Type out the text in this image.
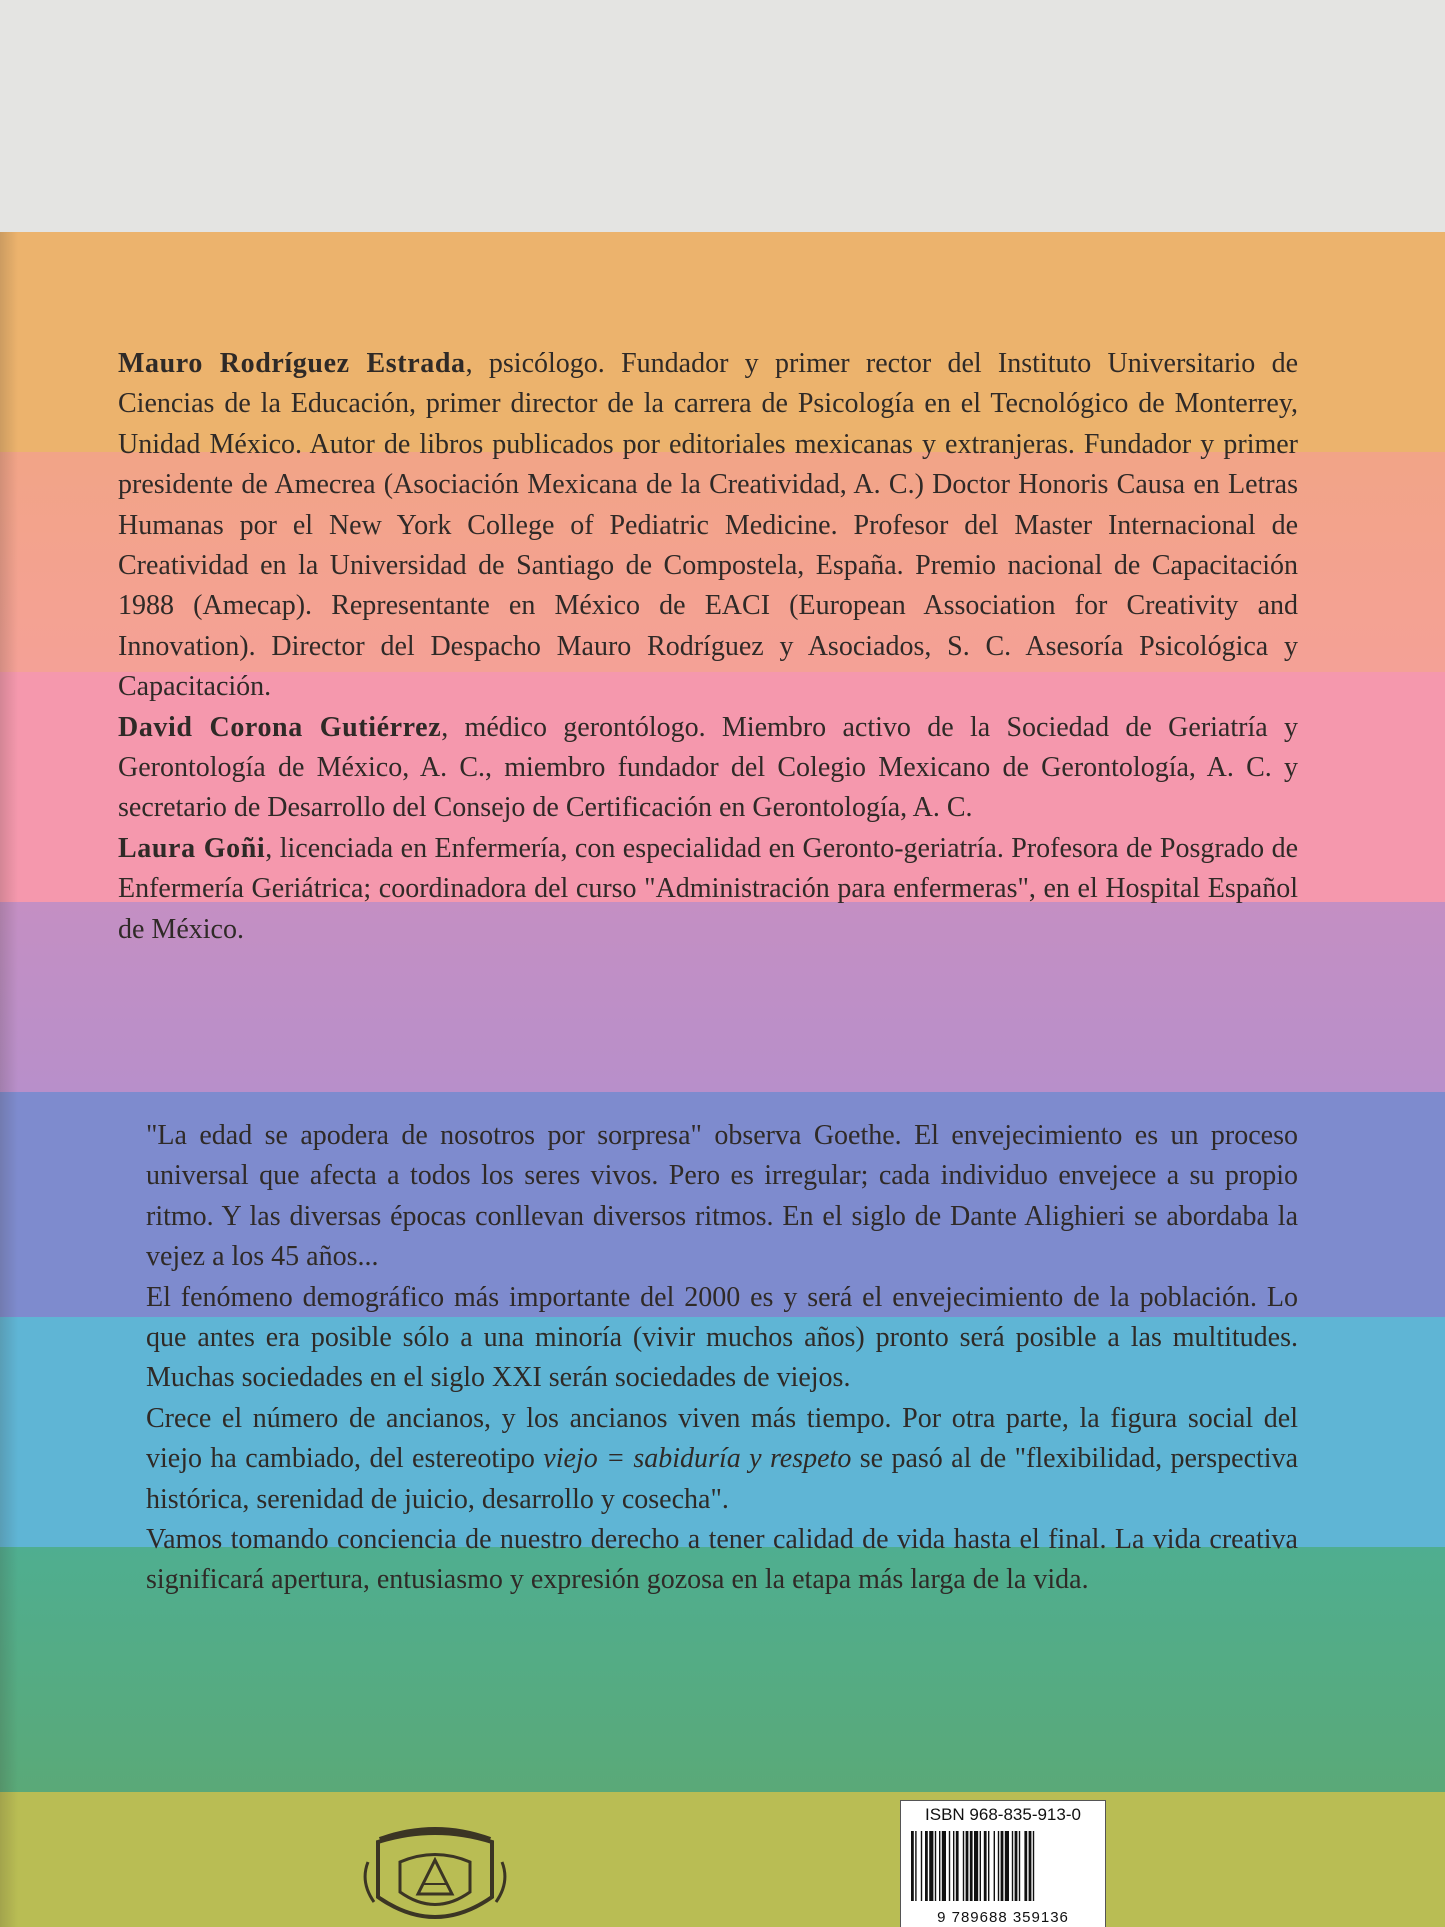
Mauro Rodríguez Estrada, psicólogo. Fundador y primer rector del Instituto Universitario de Ciencias de la Educación, primer director de la carrera de Psicología en el Tecnológico de Monterrey, Unidad México. Autor de libros publicados por editoriales mexicanas y extranjeras. Fundador y primer presidente de Amecrea (Asociación Mexicana de la Creatividad, A. C.) Doctor Honoris Causa en Letras Humanas por el New York College of Pediatric Medicine. Profesor del Master Internacional de Creatividad en la Universidad de Santiago de Compostela, España. Premio nacional de Capacitación 1988 (Amecap). Representante en México de EACI (European Association for Creativity and Innovation). Director del Despacho Mauro Rodríguez y Asociados, S. C. Asesoría Psicológica y Capacitación.

David Corona Gutiérrez, médico gerontólogo. Miembro activo de la Sociedad de Geriatría y Gerontología de México, A. C., miembro fundador del Colegio Mexicano de Gerontología, A. C. y secretario de Desarrollo del Consejo de Certificación en Gerontología, A. C.

Laura Goñi, licenciada en Enfermería, con especialidad en Geronto-geriatría. Profesora de Posgrado de Enfermería Geriátrica; coordinadora del curso "Administración para enfermeras", en el Hospital Español de México.

"La edad se apodera de nosotros por sorpresa" observa Goethe. El envejecimiento es un proceso universal que afecta a todos los seres vivos. Pero es irregular; cada individuo envejece a su propio ritmo. Y las diversas épocas conllevan diversos ritmos. En el siglo de Dante Alighieri se abordaba la vejez a los 45 años...

El fenómeno demográfico más importante del 2000 es y será el envejecimiento de la población. Lo que antes era posible sólo a una minoría (vivir muchos años) pronto será posible a las multitudes. Muchas sociedades en el siglo XXI serán sociedades de viejos.

Crece el número de ancianos, y los ancianos viven más tiempo. Por otra parte, la figura social del viejo ha cambiado, del estereotipo viejo = sabiduría y respeto se pasó al de "flexibilidad, perspectiva histórica, serenidad de juicio, desarrollo y cosecha".

Vamos tomando conciencia de nuestro derecho a tener calidad de vida hasta el final. La vida creativa significará apertura, entusiasmo y expresión gozosa en la etapa más larga de la vida.

ISBN 968-835-913-0
9 789688 359136
